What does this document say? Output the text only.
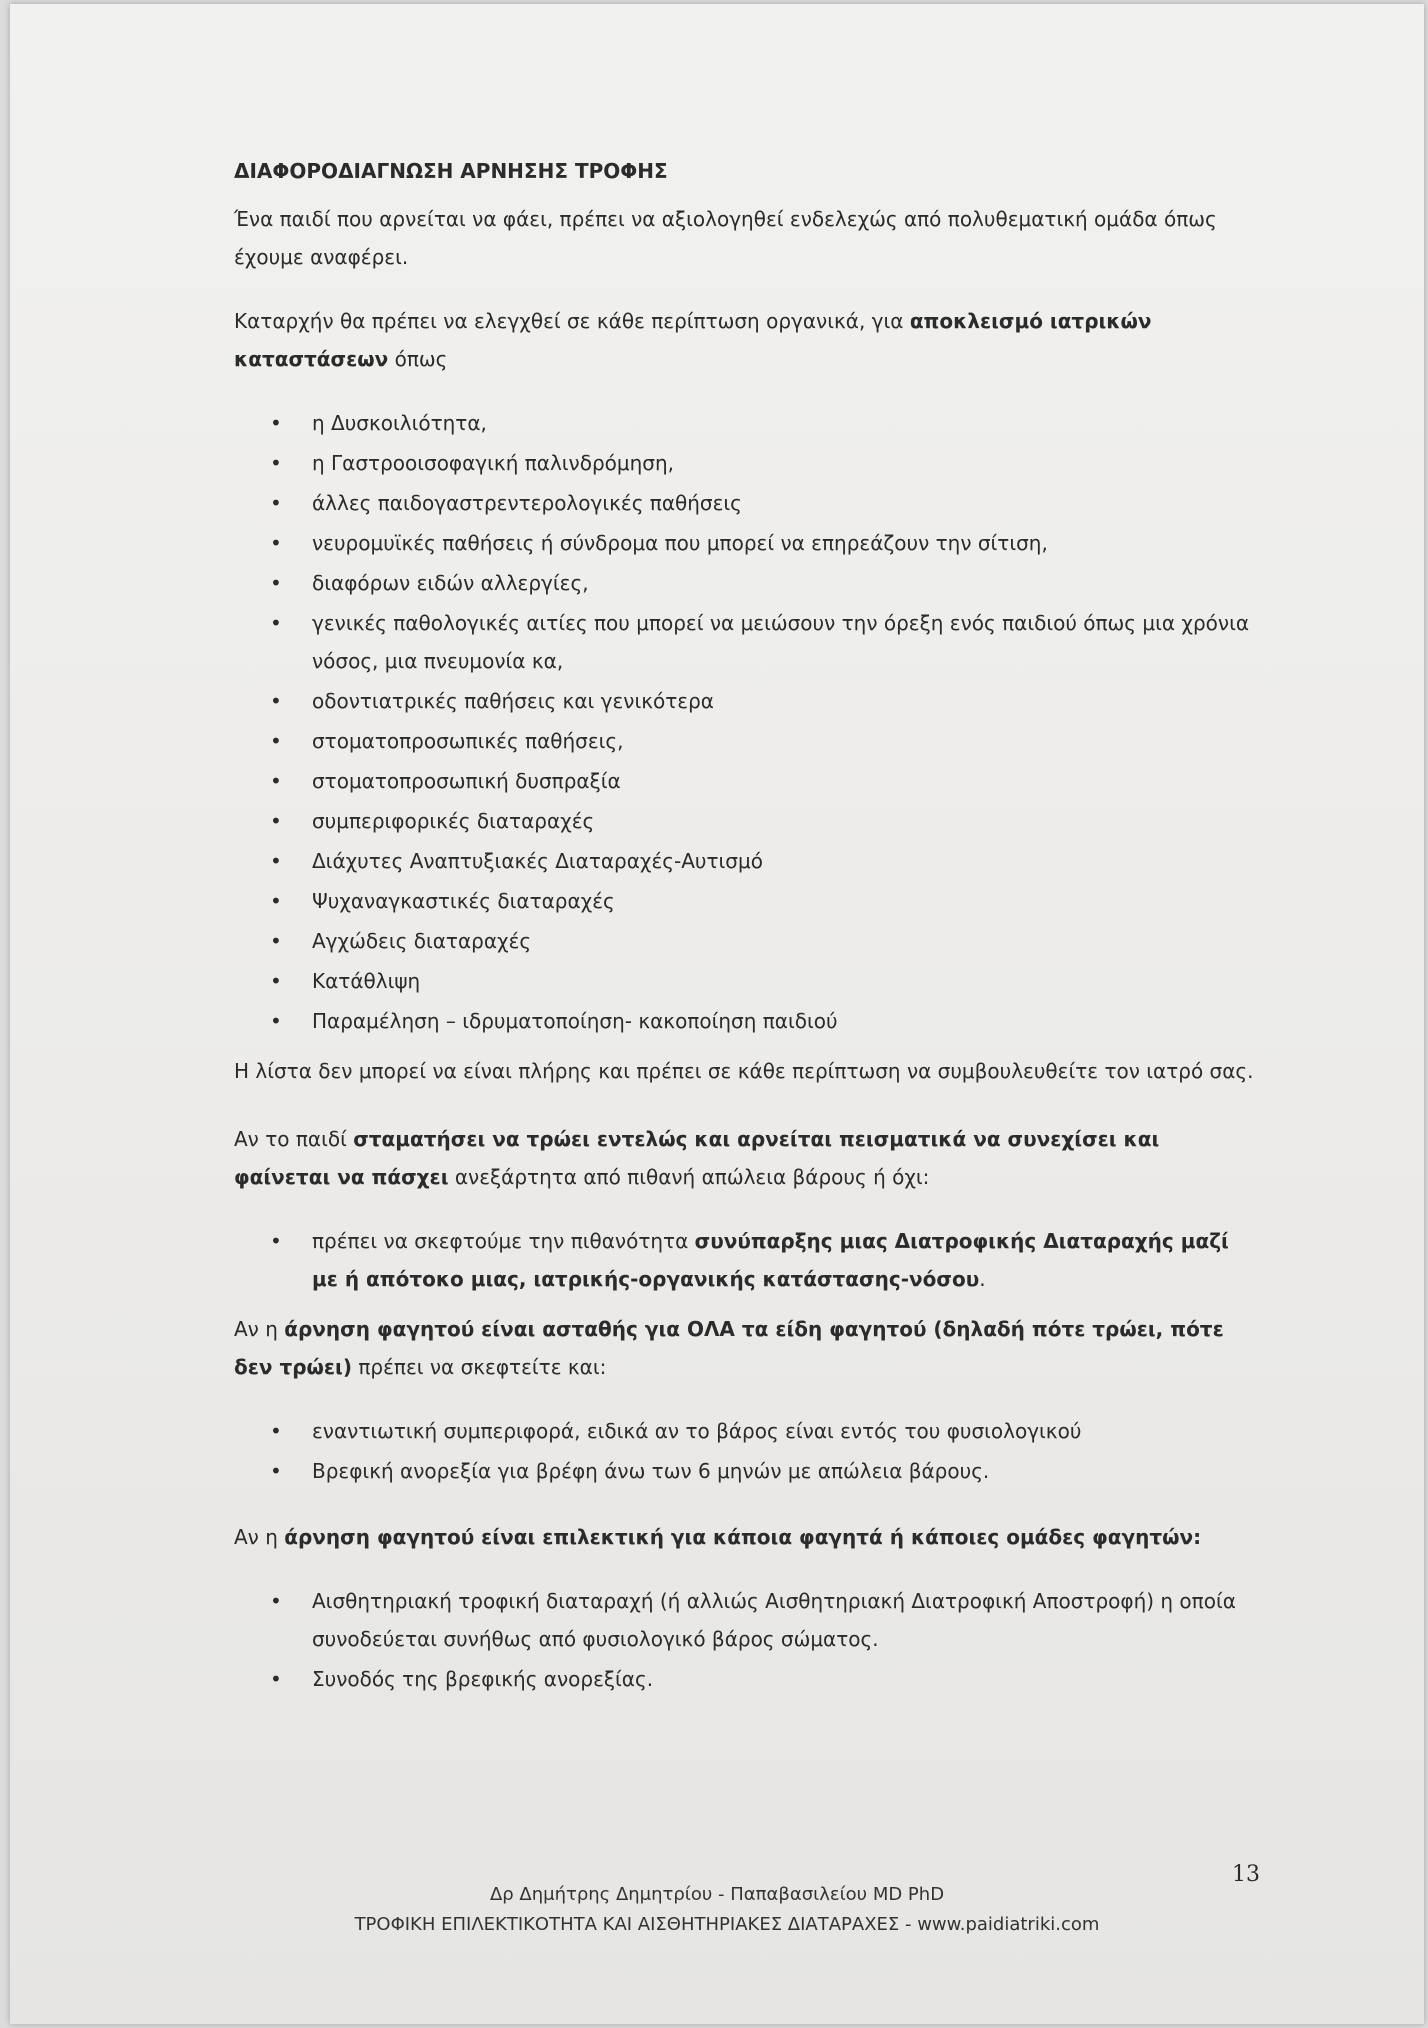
ΔΙΑΦΟΡΟΔΙΑΓΝΩΣΗ ΑΡΝΗΣΗΣ ΤΡΟΦΗΣ

Ένα παιδί που αρνείται να φάει, πρέπει να αξιολογηθεί ενδελεχώς από πολυθεματική ομάδα όπως έχουμε αναφέρει.

Καταρχήν θα πρέπει να ελεγχθεί σε κάθε περίπτωση οργανικά, για αποκλεισμό ιατρικών καταστάσεων όπως

• η Δυσκοιλιότητα,
• η Γαστροοισοφαγική παλινδρόμηση,
• άλλες παιδογαστρεντερολογικές παθήσεις
• νευρομυϊκές παθήσεις ή σύνδρομα που μπορεί να επηρεάζουν την σίτιση,
• διαφόρων ειδών αλλεργίες,
• γενικές παθολογικές αιτίες που μπορεί να μειώσουν την όρεξη ενός παιδιού όπως μια χρόνια νόσος, μια πνευμονία κα,
• οδοντιατρικές παθήσεις και γενικότερα
• στοματοπροσωπικές παθήσεις,
• στοματοπροσωπική δυσπραξία
• συμπεριφορικές διαταραχές
• Διάχυτες Αναπτυξιακές Διαταραχές-Αυτισμό
• Ψυχαναγκαστικές διαταραχές
• Αγχώδεις διαταραχές
• Κατάθλιψη
• Παραμέληση – ιδρυματοποίηση- κακοποίηση παιδιού

Η λίστα δεν μπορεί να είναι πλήρης και πρέπει σε κάθε περίπτωση να συμβουλευθείτε τον ιατρό σας.

Αν το παιδί σταματήσει να τρώει εντελώς και αρνείται πεισματικά να συνεχίσει και φαίνεται να πάσχει ανεξάρτητα από πιθανή απώλεια βάρους ή όχι:

• πρέπει να σκεφτούμε την πιθανότητα συνύπαρξης μιας Διατροφικής Διαταραχής μαζί με ή απότοκο μιας, ιατρικής-οργανικής κατάστασης-νόσου.

Αν η άρνηση φαγητού είναι ασταθής για ΟΛΑ τα είδη φαγητού (δηλαδή πότε τρώει, πότε δεν τρώει) πρέπει να σκεφτείτε και:

• εναντιωτική συμπεριφορά, ειδικά αν το βάρος είναι εντός του φυσιολογικού
• Βρεφική ανορεξία για βρέφη άνω των 6 μηνών με απώλεια βάρους.

Αν η άρνηση φαγητού είναι επιλεκτική για κάποια φαγητά ή κάποιες ομάδες φαγητών:

• Αισθητηριακή τροφική διαταραχή (ή αλλιώς Αισθητηριακή Διατροφική Αποστροφή) η οποία συνοδεύεται συνήθως από φυσιολογικό βάρος σώματος.
• Συνοδός της βρεφικής ανορεξίας.
13
Δρ Δημήτρης Δημητρίου - Παπαβασιλείου MD PhD
ΤΡΟΦΙΚΗ ΕΠΙΛΕΚΤΙΚΟΤΗΤΑ ΚΑΙ ΑΙΣΘΗΤΗΡΙΑΚΕΣ ΔΙΑΤΑΡΑΧΕΣ - www.paidiatriki.com
